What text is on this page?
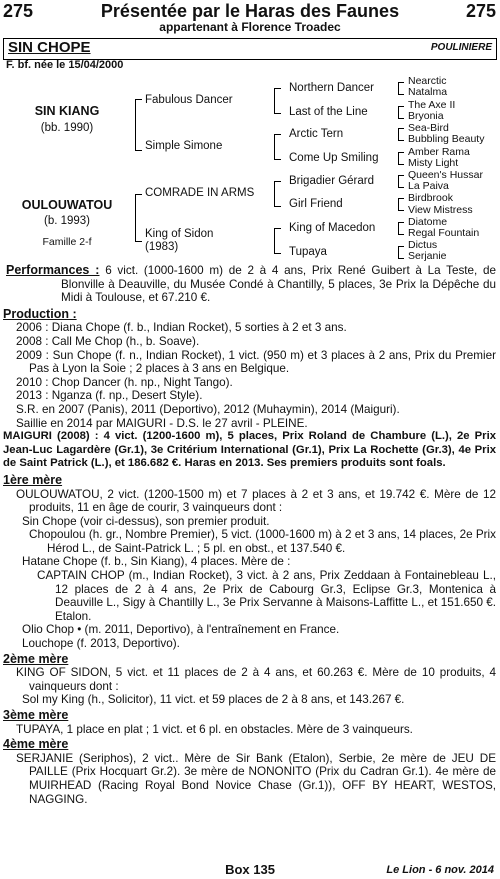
275	Présentée par le Haras des Faunes	275
appartenant à Florence Troadec
SIN CHOPE	POULINIERE
F. bf. née le 15/04/2000
SIN KIANG
(bb. 1990)
OULOUWATOU
(b. 1993)
Famille 2-f
Fabulous Dancer
Simple Simone
COMRADE IN ARMS
King of Sidon
(1983)
Northern Dancer
Last of the Line
Arctic Tern
Come Up Smiling
Brigadier Gérard
Girl Friend
King of Macedon
Tupaya
Nearctic
Natalma
The Axe II
Bryonia
Sea-Bird
Bubbling Beauty
Amber Rama
Misty Light
Queen's Hussar
La Paiva
Birdbrook
View Mistress
Diatome
Regal Fountain
Dictus
Serjanie
Performances : 6 vict. (1000-1600 m) de 2 à 4 ans, Prix René Guibert à La Teste, de Blonville à Deauville, du Musée Condé à Chantilly, 5 places, 3e Prix la Dépêche du Midi à Toulouse, et 67.210 €.
Production :
2006 : Diana Chope (f. b., Indian Rocket), 5 sorties à 2 et 3 ans.
2008 : Call Me Chop (h., b. Soave).
2009 : Sun Chope (f. n., Indian Rocket), 1 vict. (950 m) et 3 places à 2 ans, Prix du Premier Pas à Lyon la Soie ; 2 places à 3 ans en Belgique.
2010 : Chop Dancer (h. np., Night Tango).
2013 : Nganza (f. np., Desert Style).
S.R. en 2007 (Panis), 2011 (Deportivo), 2012 (Muhaymin), 2014 (Maiguri).
Saillie en 2014 par MAIGURI - D.S. le 27 avril - PLEINE.
MAIGURI (2008) : 4 vict. (1200-1600 m), 5 places, Prix Roland de Chambure (L.), 2e Prix Jean-Luc Lagardère (Gr.1), 3e Critérium International (Gr.1), Prix La Rochette (Gr.3), 4e Prix de Saint Patrick (L.), et 186.682 €. Haras en 2013. Ses premiers produits sont foals.
1ère mère
OULOUWATOU, 2 vict. (1200-1500 m) et 7 places à 2 et 3 ans, et 19.742 €. Mère de 12 produits, 11 en âge de courir, 3 vainqueurs dont :
Sin Chope (voir ci-dessus), son premier produit.
Chopoulou (h. gr., Nombre Premier), 5 vict. (1000-1600 m) à 2 et 3 ans, 14 places, 2e Prix Hérod L., de Saint-Patrick L. ; 5 pl. en obst., et 137.540 €.
Hatane Chope (f. b., Sin Kiang), 4 places. Mère de :
CAPTAIN CHOP (m., Indian Rocket), 3 vict. à 2 ans, Prix Zeddaan à Fontainebleau L., 12 places de 2 à 4 ans, 2e Prix de Cabourg Gr.3, Eclipse Gr.3, Montenica à Deauville L., Sigy à Chantilly L., 3e Prix Servanne à Maisons-Laffitte L., et 151.650 €. Etalon.
Olio Chop • (m. 2011, Deportivo), à l'entraînement en France.
Louchope (f. 2013, Deportivo).
2ème mère
KING OF SIDON, 5 vict. et 11 places de 2 à 4 ans, et 60.263 €. Mère de 10 produits, 4 vainqueurs dont :
Sol my King (h., Solicitor), 11 vict. et 59 places de 2 à 8 ans, et 143.267 €.
3ème mère
TUPAYA, 1 place en plat ; 1 vict. et 6 pl. en obstacles. Mère de 3 vainqueurs.
4ème mère
SERJANIE (Seriphos), 2 vict.. Mère de Sir Bank (Etalon), Serbie, 2e mère de JEU DE PAILLE (Prix Hocquart Gr.2). 3e mère de NONONITO (Prix du Cadran Gr.1). 4e mère de MUIRHEAD (Racing Royal Bond Novice Chase (Gr.1)), OFF BY HEART, WESTOS, NAGGING.
Box 135	Le Lion - 6 nov. 2014
